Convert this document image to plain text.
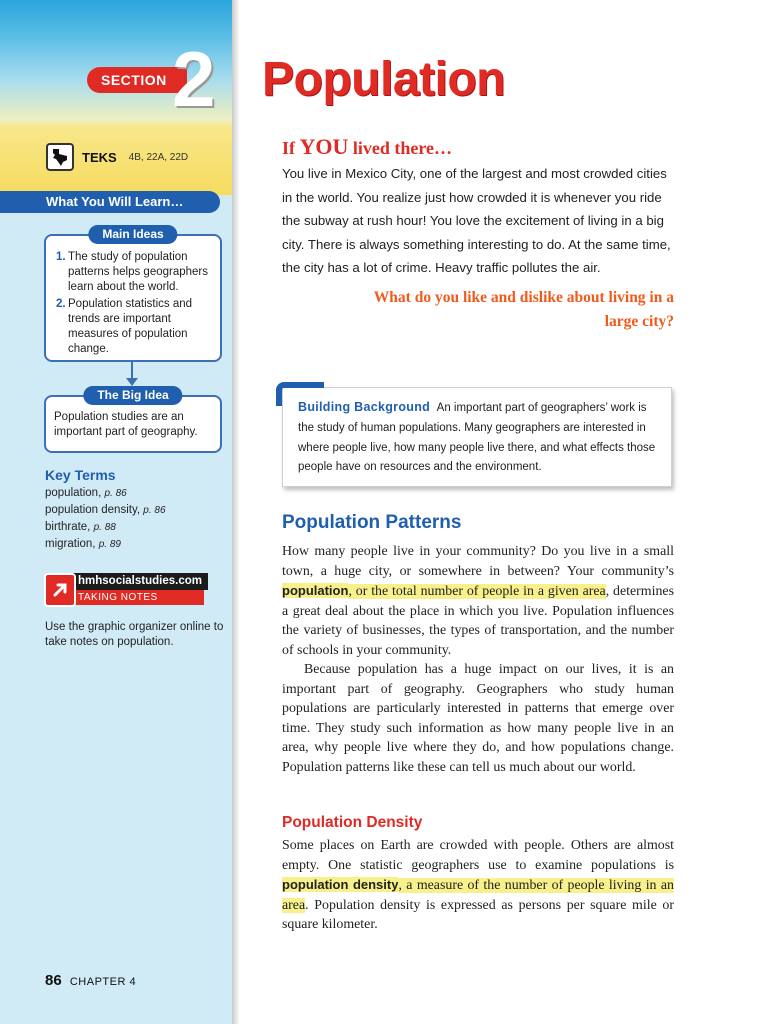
SECTION 2
TEKS 4B, 22A, 22D
What You Will Learn…
Main Ideas
1. The study of population patterns helps geographers learn about the world.
2. Population statistics and trends are important measures of population change.
The Big Idea
Population studies are an important part of geography.
Key Terms
population, p. 86
population density, p. 86
birthrate, p. 88
migration, p. 89
hmhsocialstudies.com
TAKING NOTES
Use the graphic organizer online to take notes on population.
86 CHAPTER 4
Population
If YOU lived there…
You live in Mexico City, one of the largest and most crowded cities in the world. You realize just how crowded it is whenever you ride the subway at rush hour! You love the excitement of living in a big city. There is always something interesting to do. At the same time, the city has a lot of crime. Heavy traffic pollutes the air.
What do you like and dislike about living in a large city?
Building Background An important part of geographers’ work is the study of human populations. Many geographers are interested in where people live, how many people live there, and what effects those people have on resources and the environment.
Population Patterns
How many people live in your community? Do you live in a small town, a huge city, or somewhere in between? Your community’s population, or the total number of people in a given area, determines a great deal about the place in which you live. Population influences the variety of businesses, the types of transportation, and the number of schools in your community.
Because population has a huge impact on our lives, it is an important part of geography. Geographers who study human populations are particularly interested in patterns that emerge over time. They study such information as how many people live in an area, why people live where they do, and how populations change. Population patterns like these can tell us much about our world.
Population Density
Some places on Earth are crowded with people. Others are almost empty. One statistic geographers use to examine populations is population density, a measure of the number of people living in an area. Population density is expressed as persons per square mile or square kilometer.
